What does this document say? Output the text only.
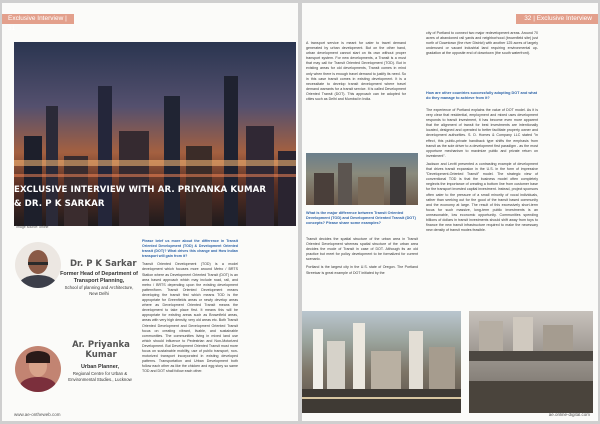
Exclusive Interview | 31
EXCLUSIVE INTERVIEW WITH AR. PRIYANKA KUMAR
& DR. P K SARKAR
Image source: online
Dr. P K Sarkar
Former Head of Department of Transport Planning,
School of planning and Architecture, New Delhi
Ar. Priyanka
Kumar
Urban Planner,
Regional Centre for Urban & Environmental Studies., Lucknow

Please brief us more about the difference in Transit Oriented Development (TOD) & Development Oriented transit (DOT)? What drives this change and How Indian transport will gain from it?

Transit Oriented Development (TOD) is a model development which focuses more around Metro / BRTS Station where as Development Oriented Transit (DOT) is an area based approach which may include road, rail, and metro / BRTS depending upon the existing development pattern/form. Transit Oriented Development means developing the transit first which means TOD is the appropriate for Greenfields areas or newly develop areas where as Development Oriented Transit means the development to take place first. It means this will be appropriate for existing areas such as Brownfield areas, areas with very high density, very old areas etc. Both Transit Oriented Development and Development Oriented Transit focus on creating vibrant, livable, and sustainable communities. The communities living in mixed land use which should influence to Pedestrian and Non-Motorized Development. But Development Oriented Transit must more focus on sustainable mobility, use of public transport, non-motorized transport incorporated in existing developed patterns. Transportation and Urban Development both follow each other as like the chicken and egg story so same TOD and DOT shall follow each other.

www.ae-ontheweb.com
32 | Exclusive Interview

A transport service is meant for cater to travel demand generated by urban development. But on the other hand, urban development cannot start on its own without proper transport system. For new developments, a Transit is a must that may call for Transit Oriented Development (TOD). But in existing areas for old developments, Transit comes in mind only when there is enough travel demand to justify its need. So in this case transit comes in existing development. It is a necessitate to develop transit development where travel demand warrants for a transit service. It is called Development Oriented Transit (DOT). This approach can be adopted for cities such as Delhi and Mumbai in India.

What is the major difference between Transit Oriented Development (TOD) and Development Oriented Transit (DOT) concepts? Please share some examples?

Transit decides the spatial structure of the urban area in Transit Oriented Development whereas spatial structure of the urban area decides the mode of Transit in case of DOT. Although its an old practice but meet for policy development to be formalized for current scenario.

Portland is the largest city in the U.S. state of Oregon. The Portland Streetcar is great example of DOT initiated by the

city of Portland to connect two major redevelopment areas. Around 70 acres of abandoned rail yards and neighborhood (brownfield site) just north of Downtown (the river District) with another 125 acres of largely underused or vacant industrial land requiring environmental up-gradation at the opposite end of downtown (the south waterfront).

How are other countries successfully adopting DOT and what do they manage to achieve from it?

The experience of Portland explains the value of DOT model. As it is very clear that residential, employment and mixed uses development responds to transit investment, it has become even more apparent that the alignment of transit for best investments are intentionally located, designed and operated to better facilitate property owner and development authorities. S. D. Homes & Company LLC stated "in effect, this public-private handback type shifts the emphasis from transit as the sole driver to a development first paradigm - as the most opportune mechanism to maximize public and private return on investment".

Jackson and Levitt presented a contrasting example of development that drives transit expansion in the U.S. in the form of impressive "Development-Oriented Transit" model. The strategic view of conventional TOD is that the business model often completely neglects the importance of creating a bottom line from customer base for the transport invested capital investment. Instead, project sponsors often cater to the pressure of a small minority of vocal individuals, rather than seeking out for the good of the transit based community and the economy at large. The result of this excessively short-term focus for such massive, long-term public investments is an unreasonable, low economic opportunity. Communities spending billions of dollars in transit investments should shift away from toys to finance the new transit infrastructure required to make the necessary new density of transit modes feasible.

ae.online-digital.com
